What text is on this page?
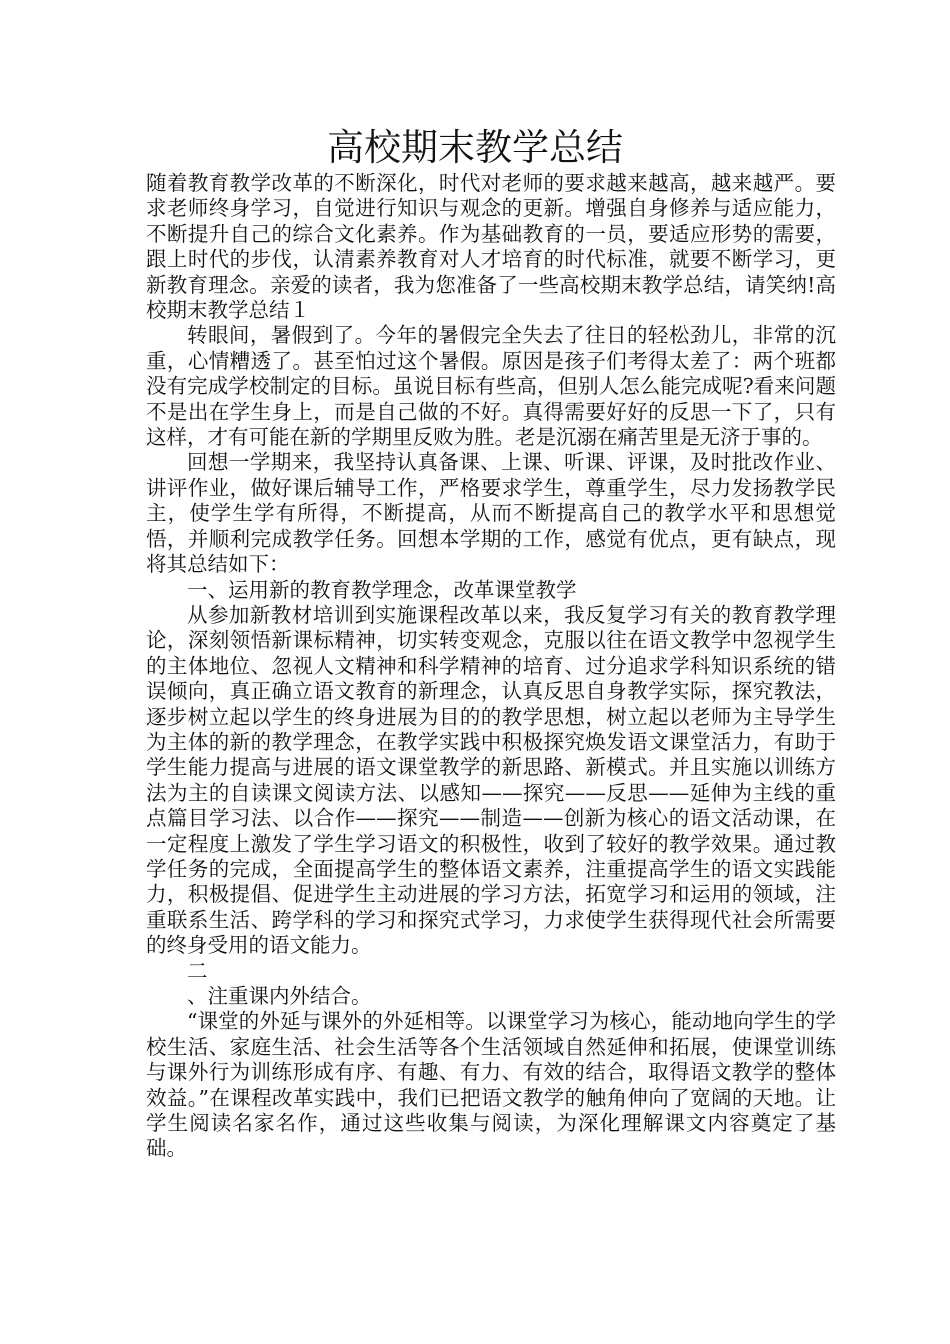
高校期末教学总结

随着教育教学改革的不断深化，时代对老师的要求越来越高，越来越严。要求老师终身学习，自觉进行知识与观念的更新。增强自身修养与适应能力，不断提升自己的综合文化素养。作为基础教育的一员，要适应形势的需要，跟上时代的步伐，认清素养教育对人才培育的时代标准，就要不断学习，更新教育理念。亲爱的读者，我为您准备了一些高校期末教学总结，请笑纳!高校期末教学总结１

转眼间，暑假到了。今年的暑假完全失去了往日的轻松劲儿，非常的沉重，心情糟透了。甚至怕过这个暑假。原因是孩子们考得太差了：两个班都没有完成学校制定的目标。虽说目标有些高，但别人怎么能完成呢?看来问题不是出在学生身上，而是自己做的不好。真得需要好好的反思一下了，只有这样，才有可能在新的学期里反败为胜。老是沉溺在痛苦里是无济于事的。

回想一学期来，我坚持认真备课、上课、听课、评课，及时批改作业、讲评作业，做好课后辅导工作，严格要求学生，尊重学生，尽力发扬教学民主，使学生学有所得，不断提高，从而不断提高自己的教学水平和思想觉悟，并顺利完成教学任务。回想本学期的工作，感觉有优点，更有缺点，现将其总结如下：

一、运用新的教育教学理念，改革课堂教学

从参加新教材培训到实施课程改革以来，我反复学习有关的教育教学理论，深刻领悟新课标精神，切实转变观念，克服以往在语文教学中忽视学生的主体地位、忽视人文精神和科学精神的培育、过分追求学科知识系统的错误倾向，真正确立语文教育的新理念，认真反思自身教学实际，探究教法，逐步树立起以学生的终身进展为目的的教学思想，树立起以老师为主导学生为主体的新的教学理念，在教学实践中积极探究焕发语文课堂活力，有助于学生能力提高与进展的语文课堂教学的新思路、新模式。并且实施以训练方法为主的自读课文阅读方法、以感知——探究——反思——延伸为主线的重点篇目学习法、以合作——探究——制造——创新为核心的语文活动课，在一定程度上激发了学生学习语文的积极性，收到了较好的教学效果。通过教学任务的完成，全面提高学生的整体语文素养，注重提高学生的语文实践能力，积极提倡、促进学生主动进展的学习方法，拓宽学习和运用的领域，注重联系生活、跨学科的学习和探究式学习，力求使学生获得现代社会所需要的终身受用的语文能力。

二

、注重课内外结合。

“课堂的外延与课外的外延相等。以课堂学习为核心，能动地向学生的学校生活、家庭生活、社会生活等各个生活领域自然延伸和拓展，使课堂训练与课外行为训练形成有序、有趣、有力、有效的结合，取得语文教学的整体效益。”在课程改革实践中，我们已把语文教学的触角伸向了宽阔的天地。让学生阅读名家名作，通过这些收集与阅读，为深化理解课文内容奠定了基础。
